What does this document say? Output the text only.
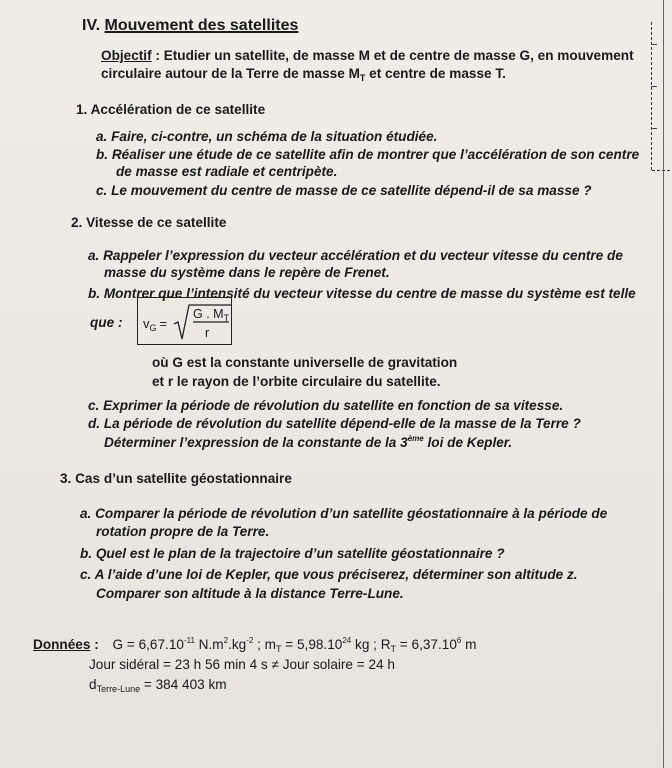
IV. Mouvement des satellites
Objectif : Etudier un satellite, de masse M et de centre de masse G, en mouvement
circulaire autour de la Terre de masse $M_T$ et centre de masse T.
1. Accélération de ce satellite
a. Faire, ci-contre, un schéma de la situation étudiée.
b. Réaliser une étude de ce satellite afin de montrer que l’accélération de son centre
de masse est radiale et centripète.
c. Le mouvement du centre de masse de ce satellite dépend-il de sa masse ?
2. Vitesse de ce satellite
a. Rappeler l’expression du vecteur accélération et du vecteur vitesse du centre de
masse du système dans le repère de Frenet.
b. Montrer que l’intensité du vecteur vitesse du centre de masse du système est telle
que : $v_G$ =
G . $M_T$
r
où G est la constante universelle de gravitation
et r le rayon de l’orbite circulaire du satellite.
c. Exprimer la période de révolution du satellite en fonction de sa vitesse.
d. La période de révolution du satellite dépend-elle de la masse de la Terre ?
Déterminer l’expression de la constante de la 3ème loi de Kepler.
3. Cas d’un satellite géostationnaire
a. Comparer la période de révolution d’un satellite géostationnaire à la période de
rotation propre de la Terre.
b. Quel est le plan de la trajectoire d’un satellite géostationnaire ?
c. A l’aide d’une loi de Kepler, que vous préciserez, déterminer son altitude z.
Comparer son altitude à la distance Terre-Lune.
Données : $G = 6,67.10^{-11}$ $N.m^2.kg^{-2}$ ; $m_T = 5,98.10^{24}$ kg ; $R_T = 6,37.10^6$ m
Jour sidéral = 23 h 56 min 4 s ≠ Jour solaire = 24 h
$d_{Terre-Lune} = 384$ 403 km
